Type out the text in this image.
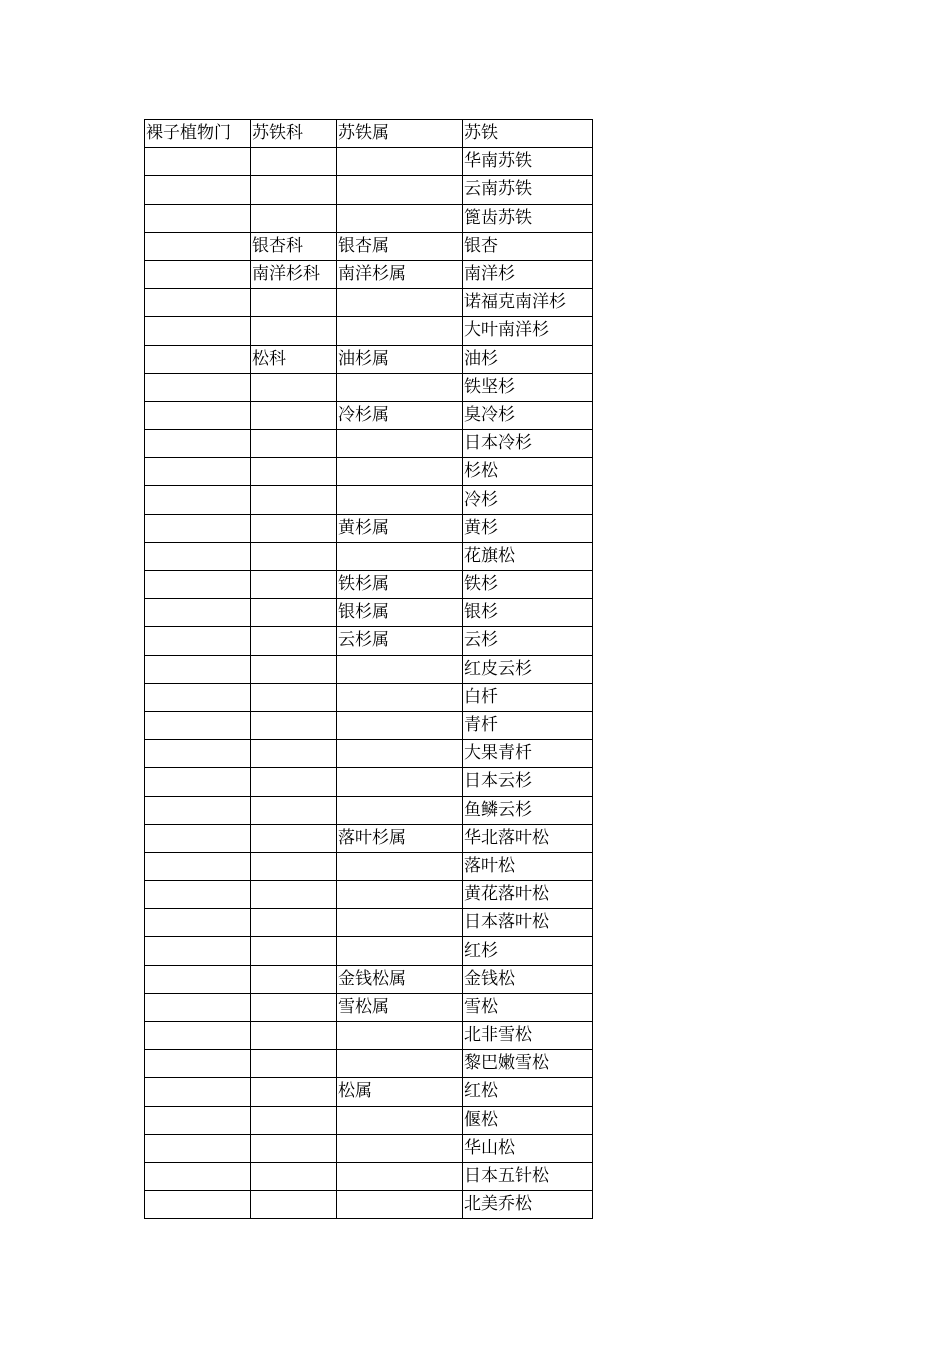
裸子植物门	苏铁科	苏铁属	苏铁
			华南苏铁
			云南苏铁
			篦齿苏铁
	银杏科	银杏属	银杏
	南洋杉科	南洋杉属	南洋杉
			诺福克南洋杉
			大叶南洋杉
	松科	油杉属	油杉
			铁坚杉
		冷杉属	臭冷杉
			日本冷杉
			杉松
			冷杉
		黄杉属	黄杉
			花旗松
		铁杉属	铁杉
		银杉属	银杉
		云杉属	云杉
			红皮云杉
			白杄
			青杄
			大果青杄
			日本云杉
			鱼鳞云杉
		落叶杉属	华北落叶松
			落叶松
			黄花落叶松
			日本落叶松
			红杉
		金钱松属	金钱松
		雪松属	雪松
			北非雪松
			黎巴嫩雪松
		松属	红松
			偃松
			华山松
			日本五针松
			北美乔松
